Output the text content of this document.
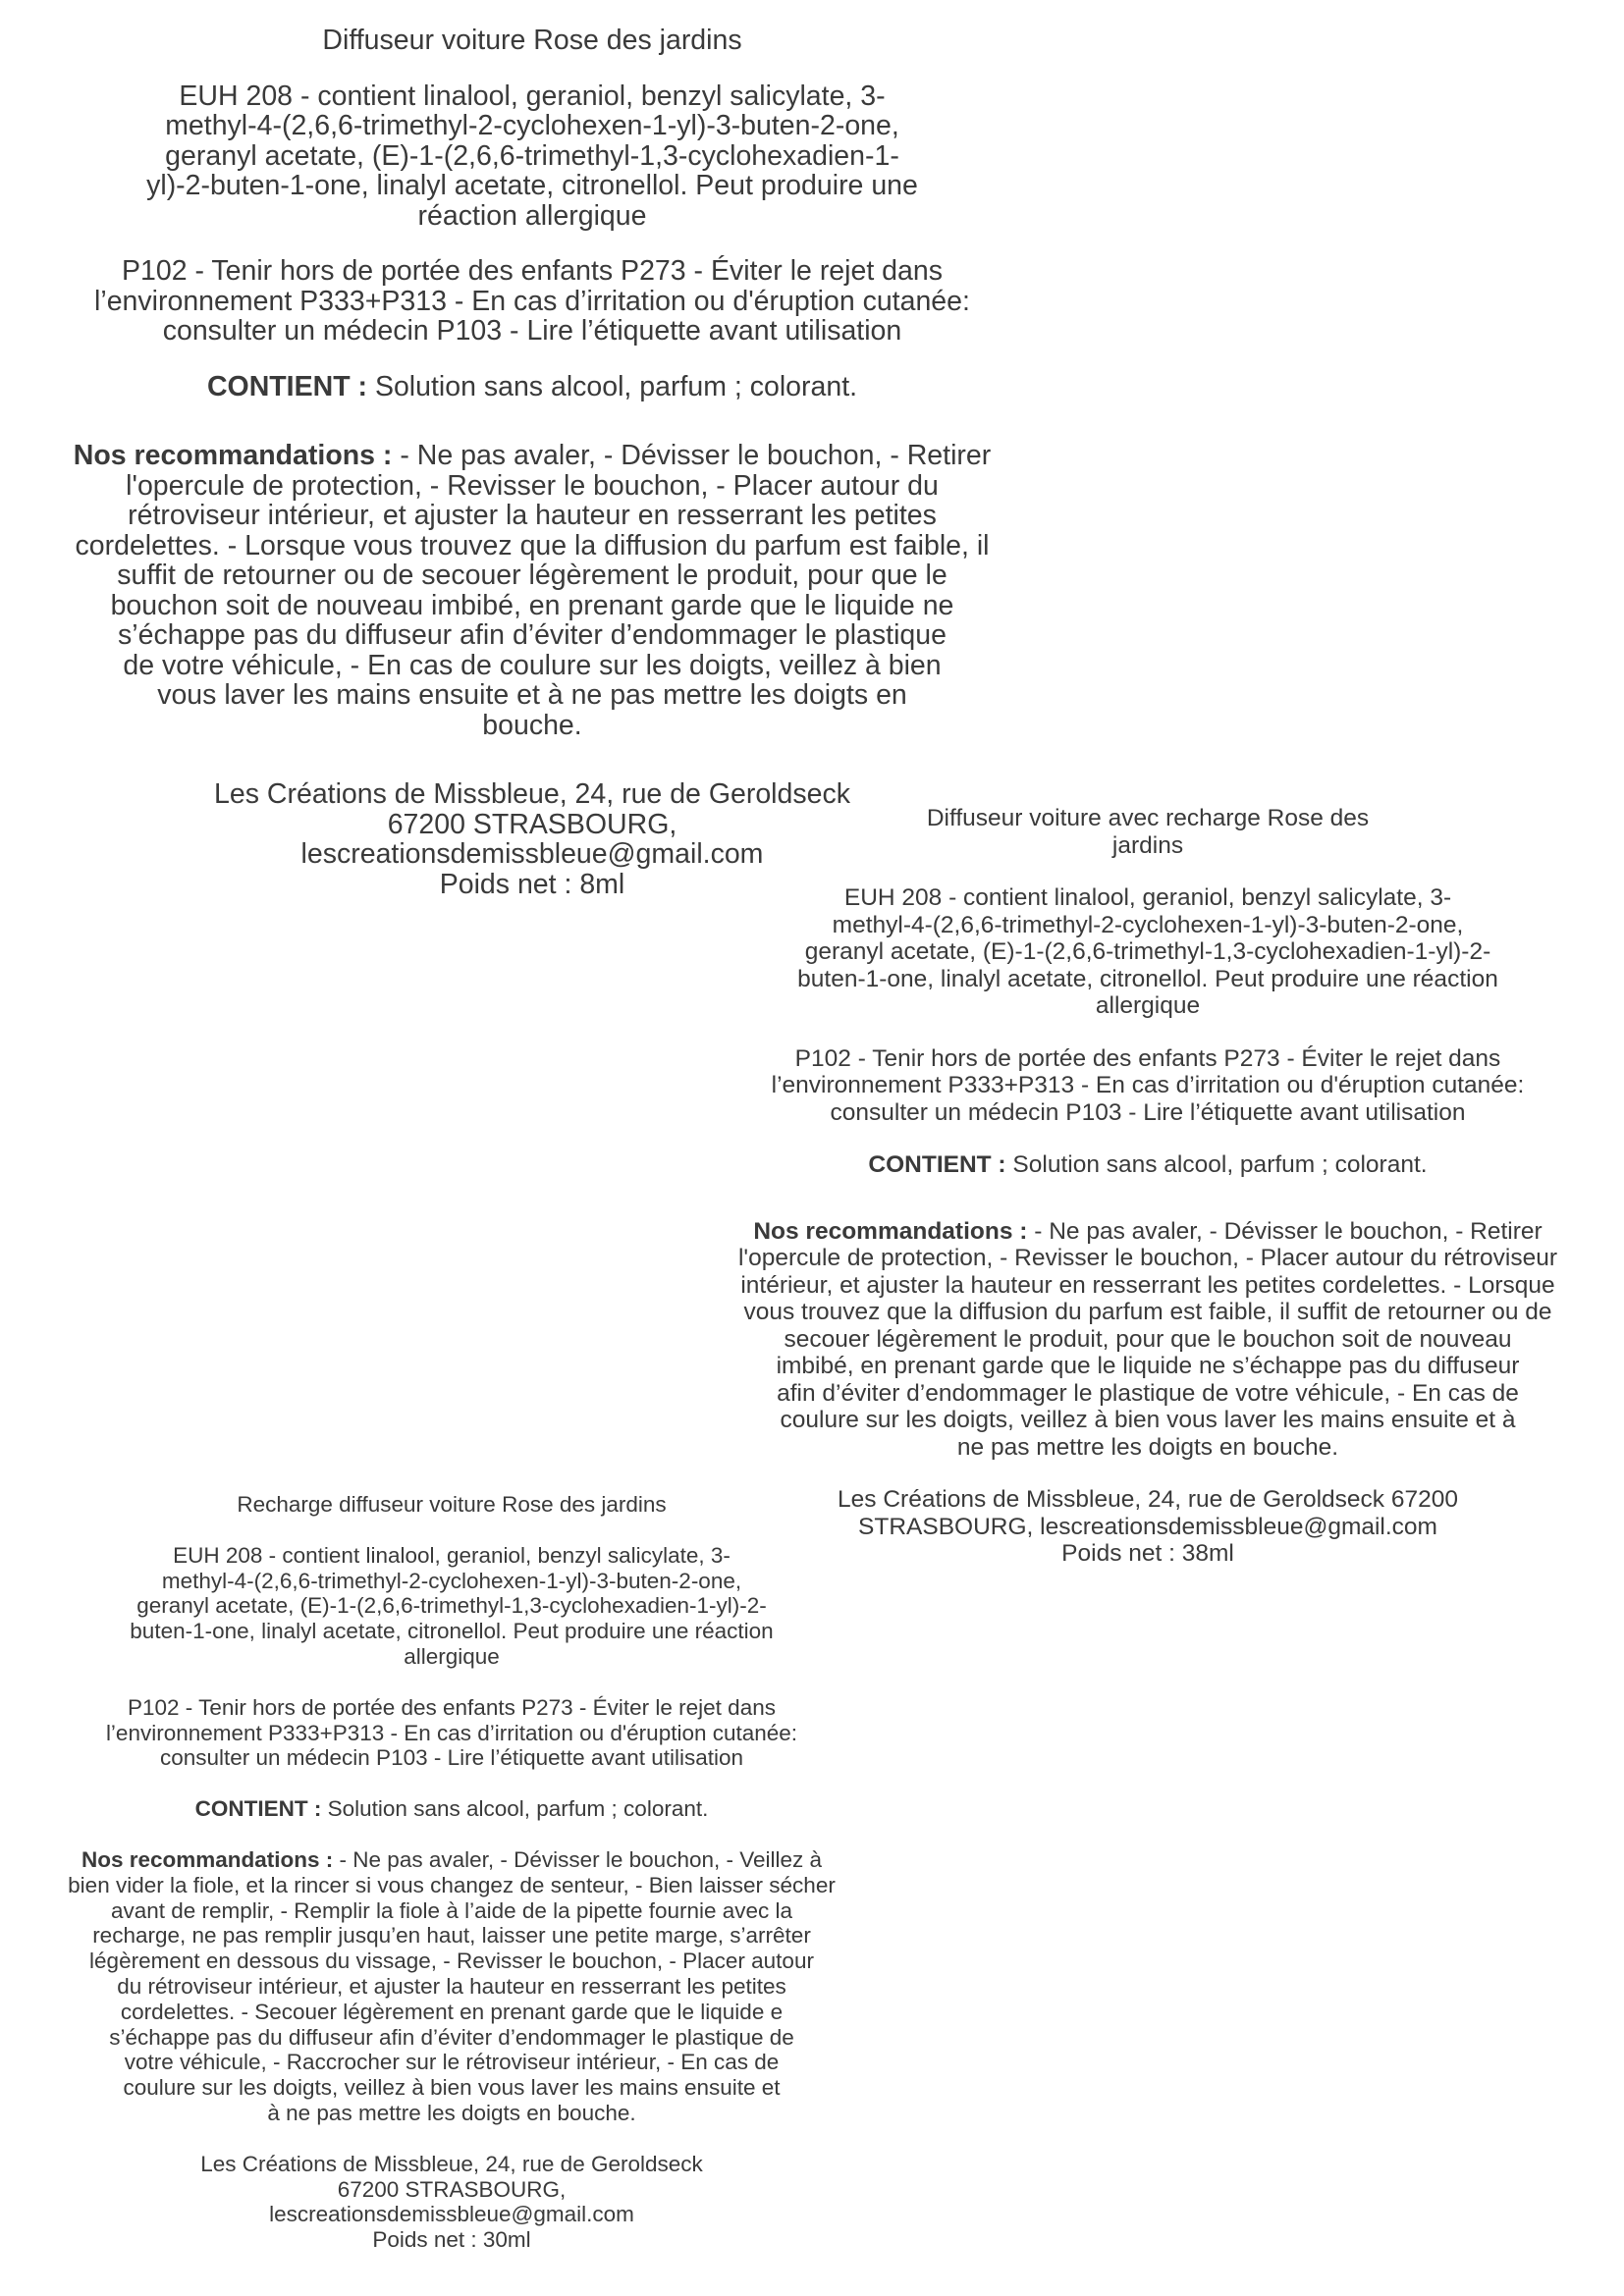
Diffuseur voiture Rose des jardins

EUH 208 - contient linalool, geraniol, benzyl salicylate, 3-

methyl-4-(2,6,6-trimethyl-2-cyclohexen-1-yl)-3-buten-2-one,

geranyl acetate, (E)-1-(2,6,6-trimethyl-1,3-cyclohexadien-1-

yl)-2-buten-1-one, linalyl acetate, citronellol. Peut produire une

réaction allergique

P102 - Tenir hors de portée des enfants P273 - Éviter le rejet dans

l’environnement P333+P313 - En cas d’irritation ou d'éruption cutanée:

consulter un médecin P103 - Lire l’étiquette avant utilisation

CONTIENT : Solution sans alcool, parfum ; colorant.

Nos recommandations : - Ne pas avaler, - Dévisser le bouchon, - Retirer

l'opercule de protection, - Revisser le bouchon, - Placer autour du

rétroviseur intérieur, et ajuster la hauteur en resserrant les petites

cordelettes. - Lorsque vous trouvez que la diffusion du parfum est faible, il

suffit de retourner ou de secouer légèrement le produit, pour que le

bouchon soit de nouveau imbibé, en prenant garde que le liquide ne

s’échappe pas du diffuseur afin d’éviter d’endommager le plastique

de votre véhicule, - En cas de coulure sur les doigts, veillez à bien

vous laver les mains ensuite et à ne pas mettre les doigts en

bouche.

Les Créations de Missbleue, 24, rue de Geroldseck

67200 STRASBOURG,

lescreationsdemissbleue@gmail.com

Poids net : 8ml

Diffuseur voiture avec recharge Rose des

jardins

EUH 208 - contient linalool, geraniol, benzyl salicylate, 3-

methyl-4-(2,6,6-trimethyl-2-cyclohexen-1-yl)-3-buten-2-one,

geranyl acetate, (E)-1-(2,6,6-trimethyl-1,3-cyclohexadien-1-yl)-2-

buten-1-one, linalyl acetate, citronellol. Peut produire une réaction

allergique

P102 - Tenir hors de portée des enfants P273 - Éviter le rejet dans

l’environnement P333+P313 - En cas d’irritation ou d'éruption cutanée:

consulter un médecin P103 - Lire l’étiquette avant utilisation

CONTIENT : Solution sans alcool, parfum ; colorant.

Nos recommandations : - Ne pas avaler, - Dévisser le bouchon, - Retirer

l'opercule de protection, - Revisser le bouchon, - Placer autour du rétroviseur

intérieur, et ajuster la hauteur en resserrant les petites cordelettes. - Lorsque

vous trouvez que la diffusion du parfum est faible, il suffit de retourner ou de

secouer légèrement le produit, pour que le bouchon soit de nouveau

imbibé, en prenant garde que le liquide ne s’échappe pas du diffuseur

afin d’éviter d’endommager le plastique de votre véhicule, - En cas de

coulure sur les doigts, veillez à bien vous laver les mains ensuite et à

ne pas mettre les doigts en bouche.

Les Créations de Missbleue, 24, rue de Geroldseck 67200

STRASBOURG, lescreationsdemissbleue@gmail.com

Poids net : 38ml

Recharge diffuseur voiture Rose des jardins

EUH 208 - contient linalool, geraniol, benzyl salicylate, 3-

methyl-4-(2,6,6-trimethyl-2-cyclohexen-1-yl)-3-buten-2-one,

geranyl acetate, (E)-1-(2,6,6-trimethyl-1,3-cyclohexadien-1-yl)-2-

buten-1-one, linalyl acetate, citronellol. Peut produire une réaction

allergique

P102 - Tenir hors de portée des enfants P273 - Éviter le rejet dans

l’environnement P333+P313 - En cas d’irritation ou d'éruption cutanée:

consulter un médecin P103 - Lire l’étiquette avant utilisation

CONTIENT : Solution sans alcool, parfum ; colorant.

Nos recommandations : - Ne pas avaler, - Dévisser le bouchon, - Veillez à

bien vider la fiole, et la rincer si vous changez de senteur, - Bien laisser sécher

avant de remplir, - Remplir la fiole à l’aide de la pipette fournie avec la

recharge, ne pas remplir jusqu’en haut, laisser une petite marge, s’arrêter

légèrement en dessous du vissage, - Revisser le bouchon, - Placer autour

du rétroviseur intérieur, et ajuster la hauteur en resserrant les petites

cordelettes. - Secouer légèrement en prenant garde que le liquide e

s’échappe pas du diffuseur afin d’éviter d’endommager le plastique de

votre véhicule, - Raccrocher sur le rétroviseur intérieur, - En cas de

coulure sur les doigts, veillez à bien vous laver les mains ensuite et

à ne pas mettre les doigts en bouche.

Les Créations de Missbleue, 24, rue de Geroldseck

67200 STRASBOURG,

lescreationsdemissbleue@gmail.com

Poids net : 30ml
